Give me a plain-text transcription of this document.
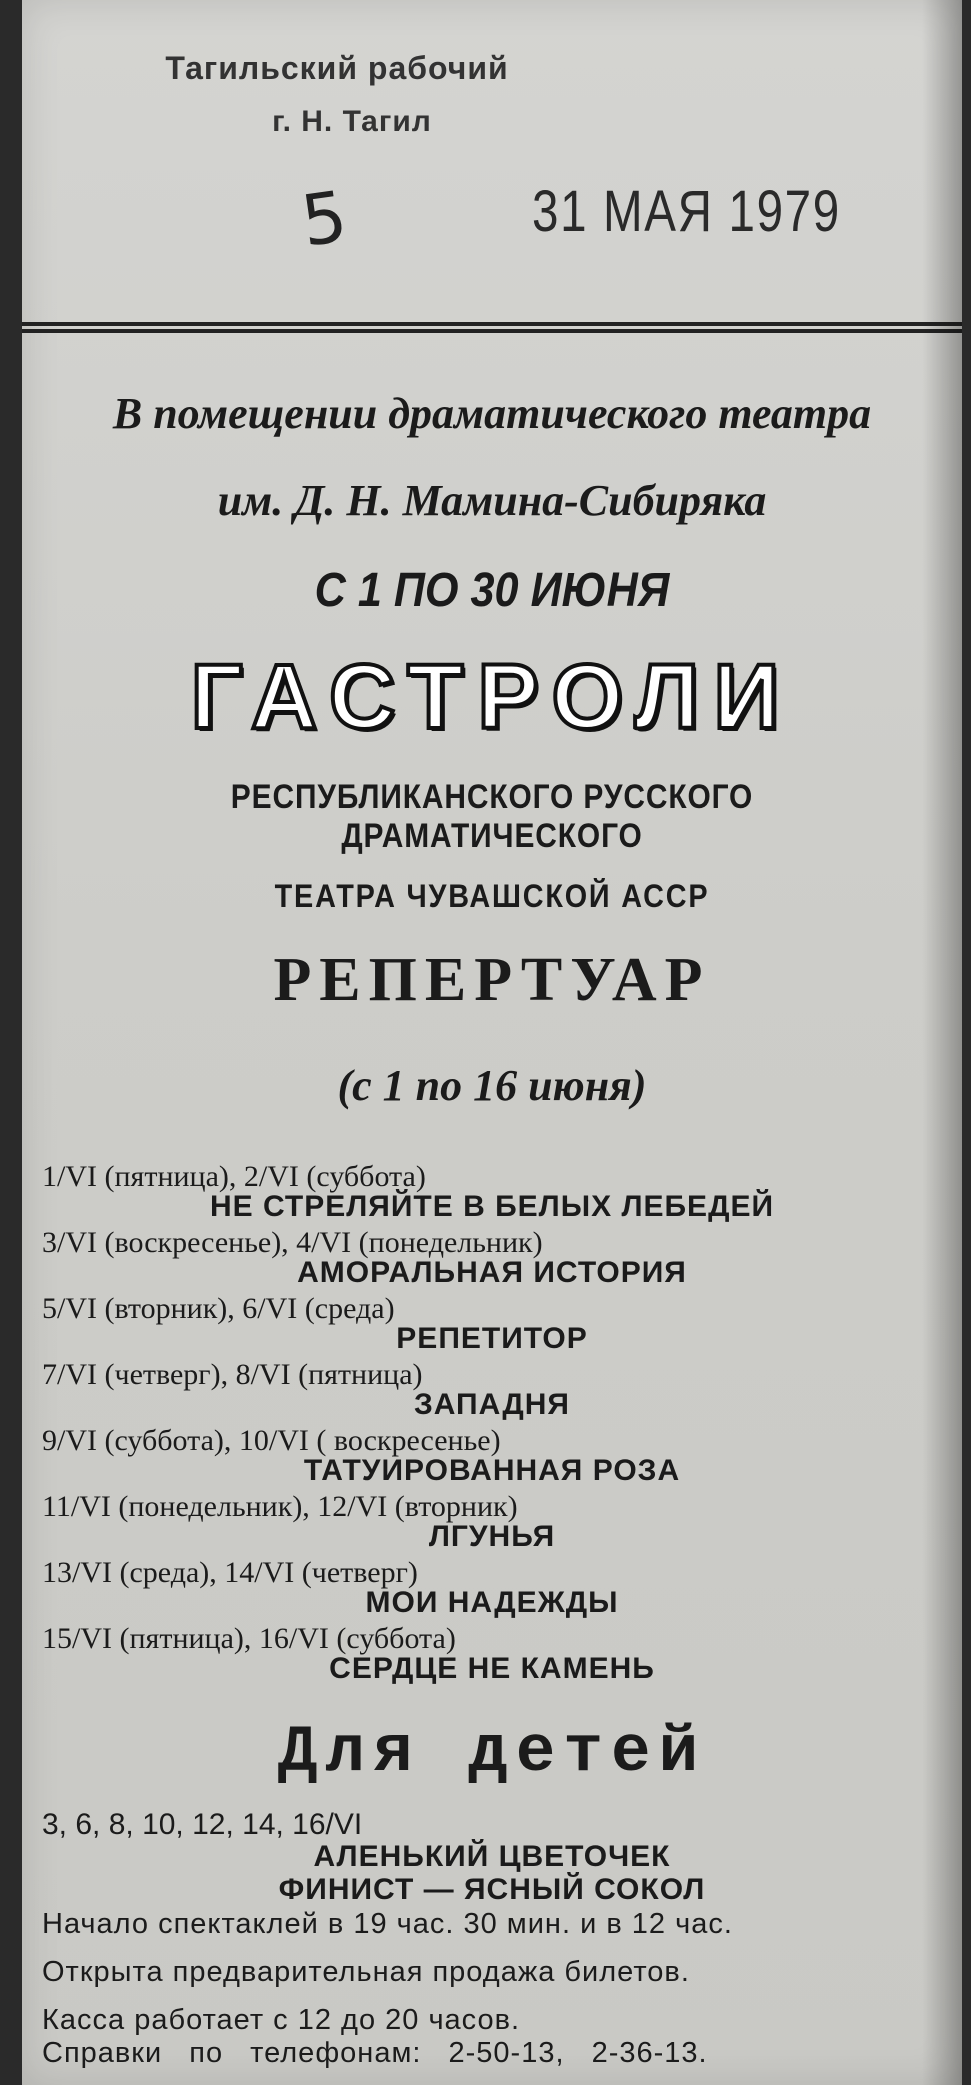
Тагильский рабочий
г. Н. Тагил
5	31 МАЯ 1979
В помещении драматического театра
им. Д. Н. Мамина-Сибиряка
С 1 ПО 30 ИЮНЯ
ГАСТРОЛИ
РЕСПУБЛИКАНСКОГО РУССКОГО ДРАМАТИЧЕСКОГО
ТЕАТРА ЧУВАШСКОЙ АССР
РЕПЕРТУАР
(с 1 по 16 июня)
1/VI (пятница), 2/VI (суббота)
НЕ СТРЕЛЯЙТЕ В БЕЛЫХ ЛЕБЕДЕЙ
3/VI (воскресенье), 4/VI (понедельник)
АМОРАЛЬНАЯ ИСТОРИЯ
5/VI (вторник), 6/VI (среда)
РЕПЕТИТОР
7/VI (четверг), 8/VI (пятница)
ЗАПАДНЯ
9/VI (суббота), 10/VI ( воскресенье)
ТАТУИРОВАННАЯ РОЗА
11/VI (понедельник), 12/VI (вторник)
ЛГУНЬЯ
13/VI (среда), 14/VI (четверг)
МОИ НАДЕЖДЫ
15/VI (пятница), 16/VI (суббота)
СЕРДЦЕ НЕ КАМЕНЬ
Для детей
3, 6, 8, 10, 12, 14, 16/VI
АЛЕНЬКИЙ ЦВЕТОЧЕК
ФИНИСТ — ЯСНЫЙ СОКОЛ
Начало спектаклей в 19 час. 30 мин. и в 12 час.
Открыта предварительная продажа билетов.
Касса работает с 12 до 20 часов.
Справки по телефонам: 2-50-13, 2-36-13.
